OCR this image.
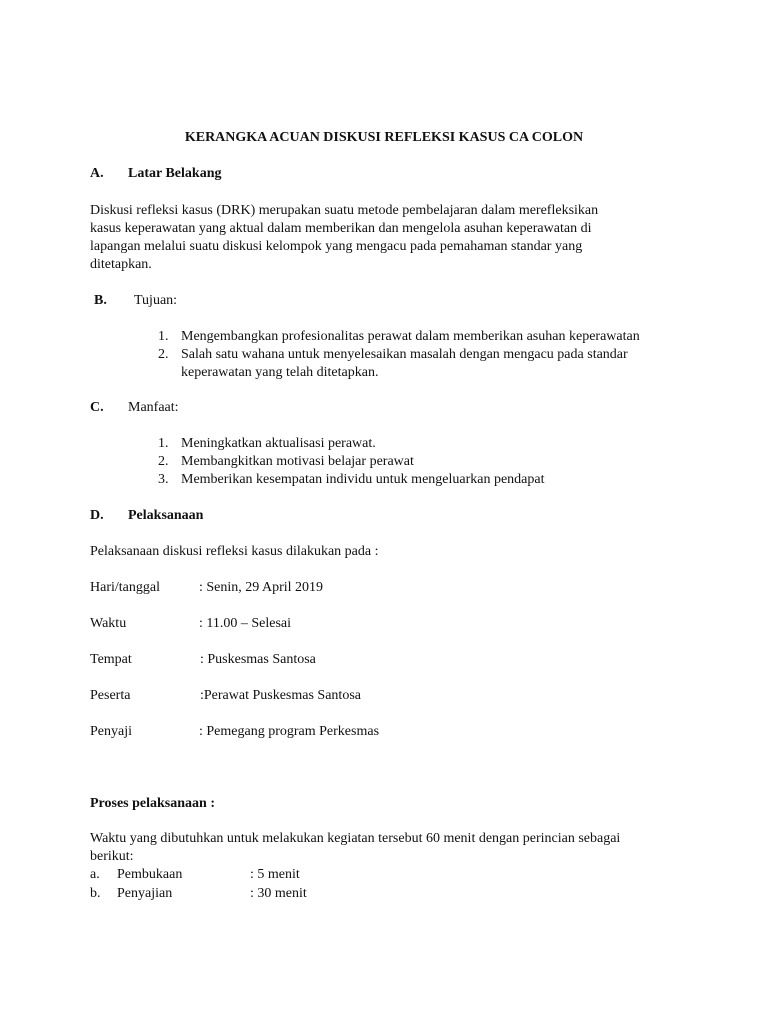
KERANGKA ACUAN DISKUSI REFLEKSI KASUS CA COLON
A. Latar Belakang
Diskusi refleksi kasus (DRK) merupakan suatu metode pembelajaran dalam merefleksikan
kasus keperawatan yang aktual dalam memberikan dan mengelola asuhan keperawatan di
lapangan melalui suatu diskusi kelompok yang mengacu pada pemahaman standar yang
ditetapkan.
B. Tujuan:
1. Mengembangkan profesionalitas perawat dalam memberikan asuhan keperawatan
2. Salah satu wahana untuk menyelesaikan masalah dengan mengacu pada standar
keperawatan yang telah ditetapkan.
C. Manfaat:
1. Meningkatkan aktualisasi perawat.
2. Membangkitkan motivasi belajar perawat
3. Memberikan kesempatan individu untuk mengeluarkan pendapat
D. Pelaksanaan
Pelaksanaan diskusi refleksi kasus dilakukan pada :
Hari/tanggal	: Senin, 29 April 2019
Waktu	: 11.00 – Selesai
Tempat	: Puskesmas Santosa
Peserta	:Perawat Puskesmas Santosa
Penyaji	: Pemegang program Perkesmas
Proses pelaksanaan :
Waktu yang dibutuhkan untuk melakukan kegiatan tersebut 60 menit dengan perincian sebagai
berikut:
a. Pembukaan	: 5 menit
b. Penyajian	: 30 menit
